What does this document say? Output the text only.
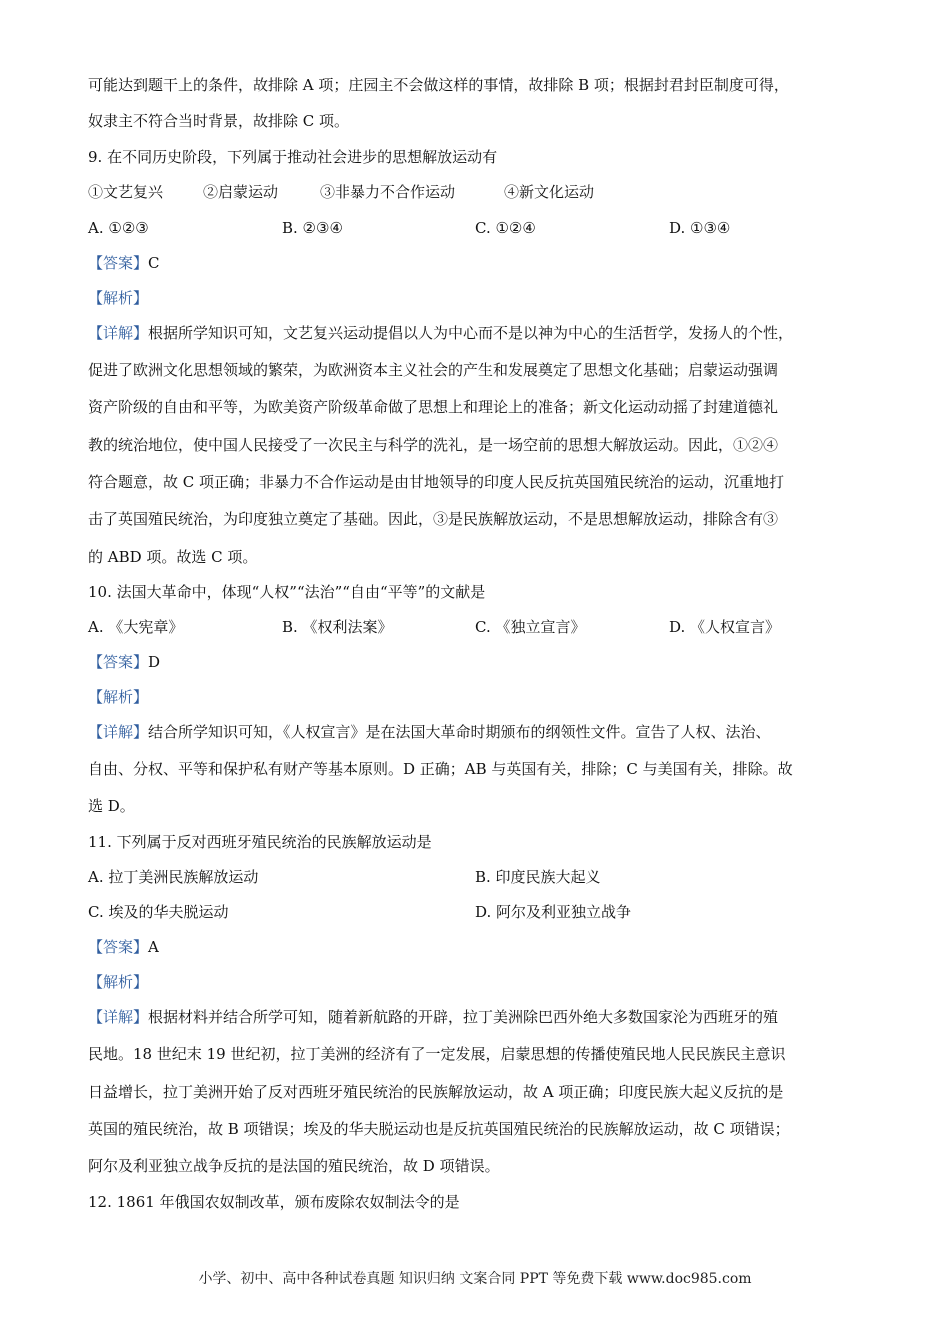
可能达到题干上的条件，故排除 A 项；庄园主不会做这样的事情，故排除 B 项；根据封君封臣制度可得，
奴隶主不符合当时背景，故排除 C 项。
9. 在不同历史阶段，下列属于推动社会进步的思想解放运动有
①文艺复兴	②启蒙运动	③非暴力不合作运动	④新文化运动
A. ①②③	B. ②③④	C. ①②④	D. ①③④
【答案】C
【解析】
【详解】根据所学知识可知，文艺复兴运动提倡以人为中心而不是以神为中心的生活哲学，发扬人的个性，
促进了欧洲文化思想领域的繁荣，为欧洲资本主义社会的产生和发展奠定了思想文化基础；启蒙运动强调
资产阶级的自由和平等，为欧美资产阶级革命做了思想上和理论上的准备；新文化运动动摇了封建道德礼
教的统治地位，使中国人民接受了一次民主与科学的洗礼，是一场空前的思想大解放运动。因此，①②④
符合题意，故 C 项正确；非暴力不合作运动是由甘地领导的印度人民反抗英国殖民统治的运动，沉重地打
击了英国殖民统治，为印度独立奠定了基础。因此，③是民族解放运动，不是思想解放运动，排除含有③
的 ABD 项。故选 C 项。
10. 法国大革命中，体现“人权”“法治”“自由“平等”的文献是
A. 《大宪章》	B. 《权利法案》	C. 《独立宣言》	D. 《人权宣言》
【答案】D
【解析】
【详解】结合所学知识可知，《人权宣言》是在法国大革命时期颁布的纲领性文件。宣告了人权、法治、
自由、分权、平等和保护私有财产等基本原则。D 正确；AB 与英国有关，排除；C 与美国有关，排除。故
选 D。
11. 下列属于反对西班牙殖民统治的民族解放运动是
A. 拉丁美洲民族解放运动	B. 印度民族大起义
C. 埃及的华夫脱运动	D. 阿尔及利亚独立战争
【答案】A
【解析】
【详解】根据材料并结合所学可知，随着新航路的开辟，拉丁美洲除巴西外绝大多数国家沦为西班牙的殖
民地。18 世纪末 19 世纪初，拉丁美洲的经济有了一定发展，启蒙思想的传播使殖民地人民民族民主意识
日益增长，拉丁美洲开始了反对西班牙殖民统治的民族解放运动，故 A 项正确；印度民族大起义反抗的是
英国的殖民统治，故 B 项错误；埃及的华夫脱运动也是反抗英国殖民统治的民族解放运动，故 C 项错误；
阿尔及利亚独立战争反抗的是法国的殖民统治，故 D 项错误。
12. 1861 年俄国农奴制改革，颁布废除农奴制法令的是
小学、初中、高中各种试卷真题 知识归纳 文案合同 PPT 等免费下载 www.doc985.com
